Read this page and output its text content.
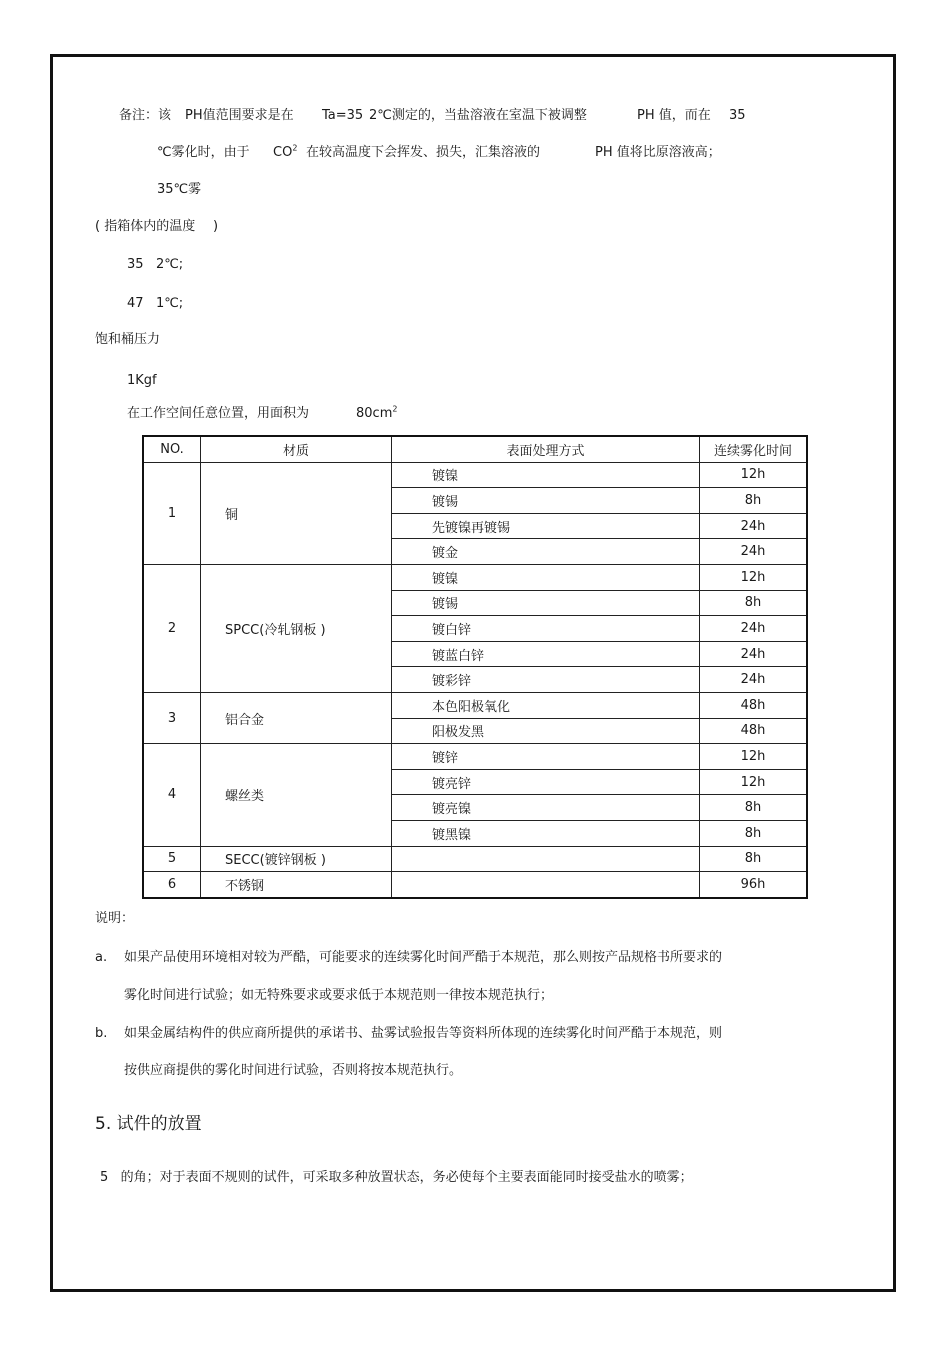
备注：该 PH值范围要求是在 Ta=35 2℃测定的，当盐溶液在室温下被调整	PH 值，而在 35
℃雾化时，由于 $CO^2$ 在较高温度下会挥发、损失，汇集溶液的	PH 值将比原溶液高；
35℃雾
( 指箱体内的温度 )
35   2℃;
47   1℃;
饱和桶压力
1Kgf
在工作空间任意位置，用面积为	$80cm^2$
NO.	材质	表面处理方式	连续雾化时间
1	铜	镀镍	12h
		镀锡	8h
		先镀镍再镀锡	24h
		镀金	24h
2	SPCC(冷轧钢板 )	镀镍	12h
		镀锡	8h
		镀白锌	24h
		镀蓝白锌	24h
		镀彩锌	24h
3	铝合金	本色阳极氧化	48h
		阳极发黑	48h
4	螺丝类	镀锌	12h
		镀亮锌	12h
		镀亮镍	8h
		镀黑镍	8h
5	SECC(镀锌钢板 )		8h
6	不锈钢		96h
说明：
a. 如果产品使用环境相对较为严酷，可能要求的连续雾化时间严酷于本规范，那么则按产品规格书所要求的
雾化时间进行试验；如无特殊要求或要求低于本规范则一律按本规范执行；
b. 如果金属结构件的供应商所提供的承诺书、盐雾试验报告等资料所体现的连续雾化时间严酷于本规范，则
按供应商提供的雾化时间进行试验，否则将按本规范执行。
5. 试件的放置
5   的角；对于表面不规则的试件，可采取多种放置状态，务必使每个主要表面能同时接受盐水的喷雾；
